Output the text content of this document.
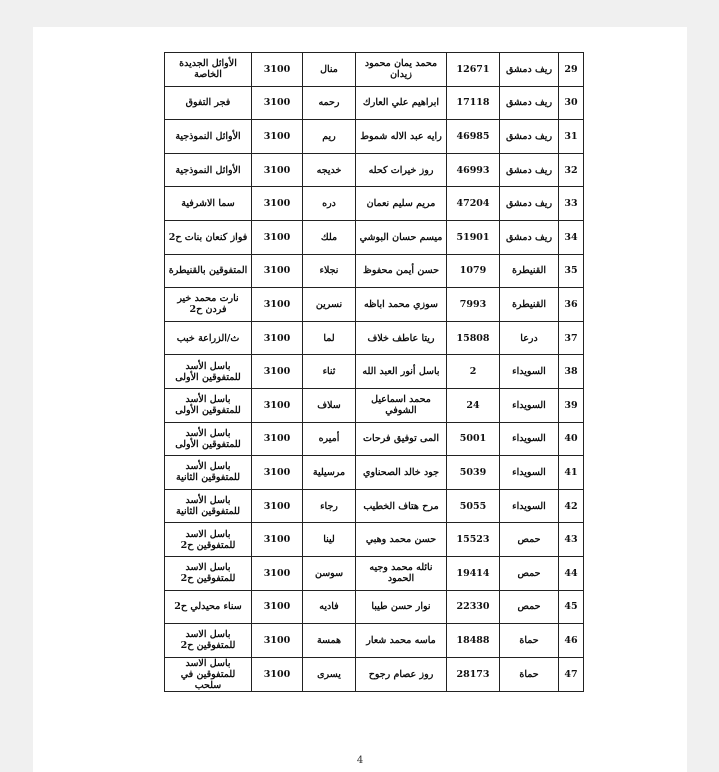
29	ريف دمشق	12671	محمد يمان محمود زيدان	منال	3100	الأوائل الجديدة الخاصة
30	ريف دمشق	17118	ابراهيم علي العارك	رحمه	3100	فجر التفوق
31	ريف دمشق	46985	رايه عبد الاله شموط	ريم	3100	الأوائل النموذجية
32	ريف دمشق	46993	روز خيرات كحله	خديجه	3100	الأوائل النموذجية
33	ريف دمشق	47204	مريم سليم نعمان	دره	3100	سما الاشرفية
34	ريف دمشق	51901	ميسم حسان البوشي	ملك	3100	فواز كنعان بنات ح2
35	القنيطرة	1079	حسن أيمن محفوظ	نجلاء	3100	المتفوقين بالقنيطرة
36	القنيطرة	7993	سوزي محمد اباظه	نسرين	3100	نارت محمد خير فردن ح2
37	درعا	15808	ريتا عاطف خلاف	لما	3100	ث/الزراعة خبب
38	السويداء	2	باسل أنور العبد الله	ثناء	3100	باسل الأسد للمتفوقين الأولى
39	السويداء	24	محمد اسماعيل الشوفي	سلاف	3100	باسل الأسد للمتفوقين الأولى
40	السويداء	5001	المى توفيق فرحات	أميره	3100	باسل الأسد للمتفوقين الأولى
41	السويداء	5039	جود خالد الصحناوي	مرسيلية	3100	باسل الأسد للمتفوقين الثانية
42	السويداء	5055	مرح هتاف الخطيب	رجاء	3100	باسل الأسد للمتفوقين الثانية
43	حمص	15523	حسن محمد وهبي	لينا	3100	باسل الاسد للمتفوقين ح2
44	حمص	19414	نائله محمد وجيه الحمود	سوسن	3100	باسل الاسد للمتفوقين ح2
45	حمص	22330	نوار حسن طيبا	فاديه	3100	سناء محيدلي ح2
46	حماة	18488	ماسه محمد شعار	همسة	3100	باسل الاسد للمتفوقين ح2
47	حماة	28173	روز عصام رجوح	يسرى	3100	باسل الاسد للمتفوقين في سلحب
4
